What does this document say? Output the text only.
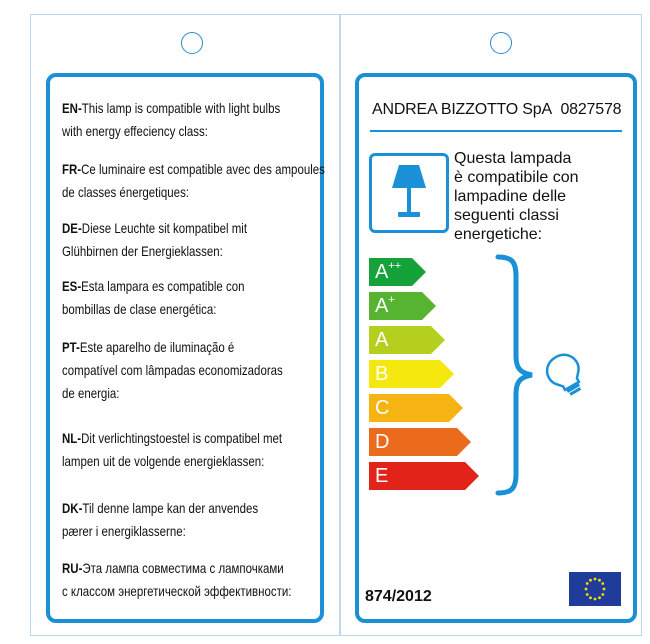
EN-This lamp is compatible with light bulbs
with energy effeciency class:
FR-Ce luminaire est compatible avec des ampoules
de classes énergetiques:
DE-Diese Leuchte sit kompatibel mit
Glühbirnen der Energieklassen:
ES-Esta lampara es compatible con
bombillas de clase energética:
PT-Este aparelho de iluminação é
compatível com lâmpadas economizadoras
de energia:
NL-Dit verlichtingstoestel is compatibel met
lampen uit de volgende energieklassen:
DK-Til denne lampe kan der anvendes
pærer i energiklasserne:
RU-Эта лампа совместима с лампочками
с классом энергетической эффективности:
ANDREA BIZZOTTO SpA 0827578
Questa lampada
è compatibile con
lampadine delle
seguenti classi
energetiche:
A++
A+
A
B
C
D
E
874/2012
